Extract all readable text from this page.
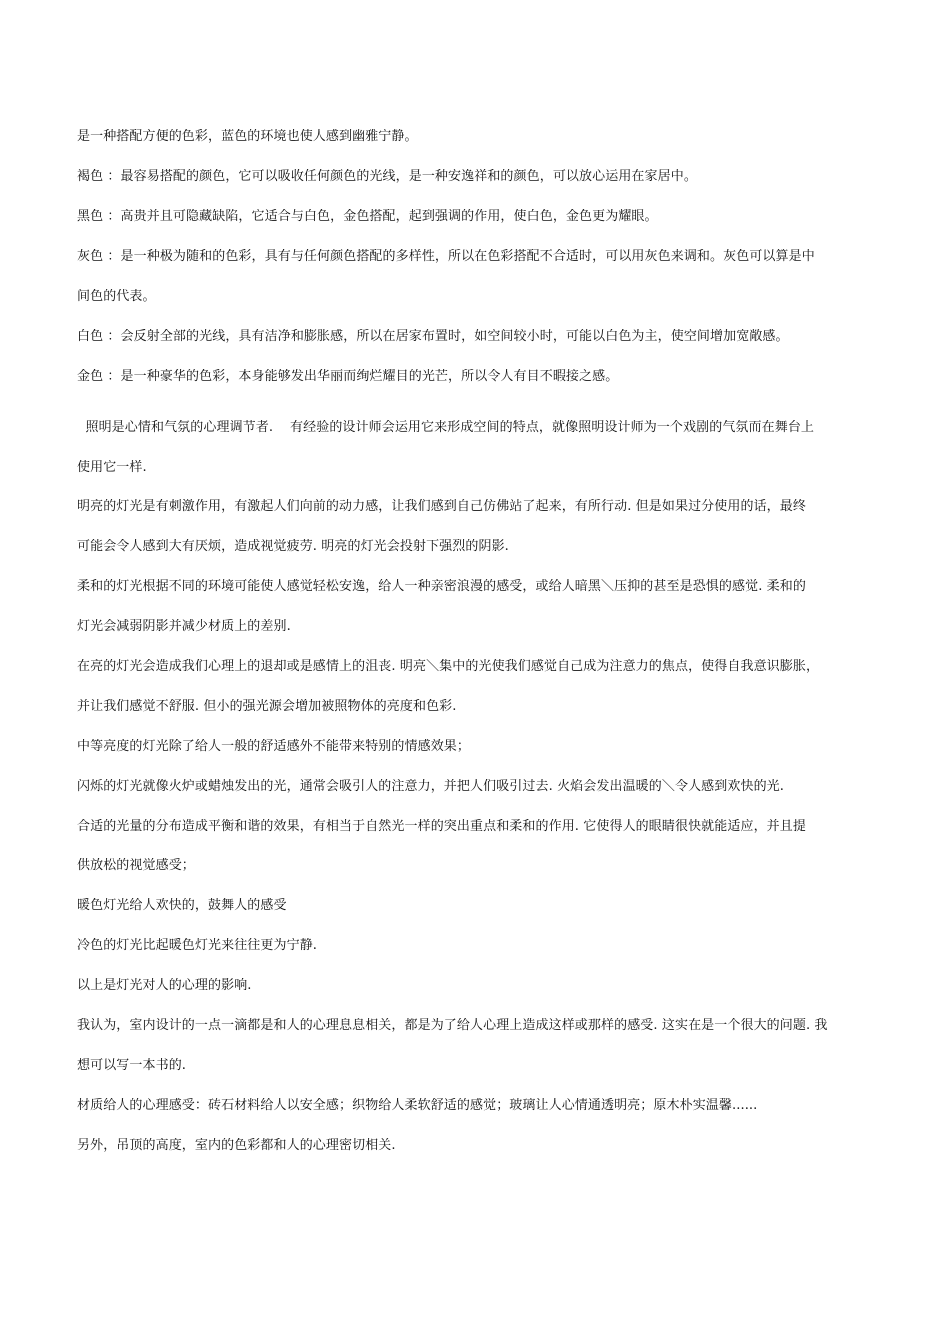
是一种搭配方便的色彩，蓝色的环境也使人感到幽雅宁静。
褐色 ：最容易搭配的颜色，它可以吸收任何颜色的光线，是一种安逸祥和的颜色，可以放心运用在家居中。
黑色 ：高贵并且可隐藏缺陷，它适合与白色，金色搭配，起到强调的作用，使白色，金色更为耀眼。
灰色 ：是一种极为随和的色彩，具有与任何颜色搭配的多样性，所以在色彩搭配不合适时，可以用灰色来调和。灰色可以算是中
间色的代表。
白色 ：会反射全部的光线，具有洁净和膨胀感，所以在居家布置时，如空间较小时，可能以白色为主，使空间增加宽敞感。
金色 ：是一种豪华的色彩，本身能够发出华丽而绚烂耀目的光芒，所以令人有目不暇接之感。
照明是心情和气氛的心理调节者.    有经验的设计师会运用它来形成空间的特点，就像照明设计师为一个戏剧的气氛而在舞台上
使用它一样.
明亮的灯光是有刺激作用，有激起人们向前的动力感，让我们感到自己仿佛站了起来，有所行动. 但是如果过分使用的话，最终
可能会令人感到大有厌烦，造成视觉疲劳. 明亮的灯光会投射下强烈的阴影.
柔和的灯光根据不同的环境可能使人感觉轻松安逸，给人一种亲密浪漫的感受，或给人暗黑＼压抑的甚至是恐惧的感觉. 柔和的
灯光会减弱阴影并减少材质上的差别.
在亮的灯光会造成我们心理上的退却或是感情上的沮丧. 明亮＼集中的光使我们感觉自己成为注意力的焦点，使得自我意识膨胀，
并让我们感觉不舒服. 但小的强光源会增加被照物体的亮度和色彩.
中等亮度的灯光除了给人一般的舒适感外不能带来特别的情感效果；
闪烁的灯光就像火炉或蜡烛发出的光，通常会吸引人的注意力，并把人们吸引过去. 火焰会发出温暖的＼令人感到欢快的光.
合适的光量的分布造成平衡和谐的效果，有相当于自然光一样的突出重点和柔和的作用. 它使得人的眼睛很快就能适应，并且提
供放松的视觉感受；
暖色灯光给人欢快的，鼓舞人的感受
冷色的灯光比起暖色灯光来往往更为宁静.
以上是灯光对人的心理的影响.
我认为，室内设计的一点一滴都是和人的心理息息相关，都是为了给人心理上造成这样或那样的感受. 这实在是一个很大的问题. 我
想可以写一本书的.
材质给人的心理感受：砖石材料给人以安全感；织物给人柔软舒适的感觉；玻璃让人心情通透明亮；原木朴实温馨......
另外，吊顶的高度，室内的色彩都和人的心理密切相关.
